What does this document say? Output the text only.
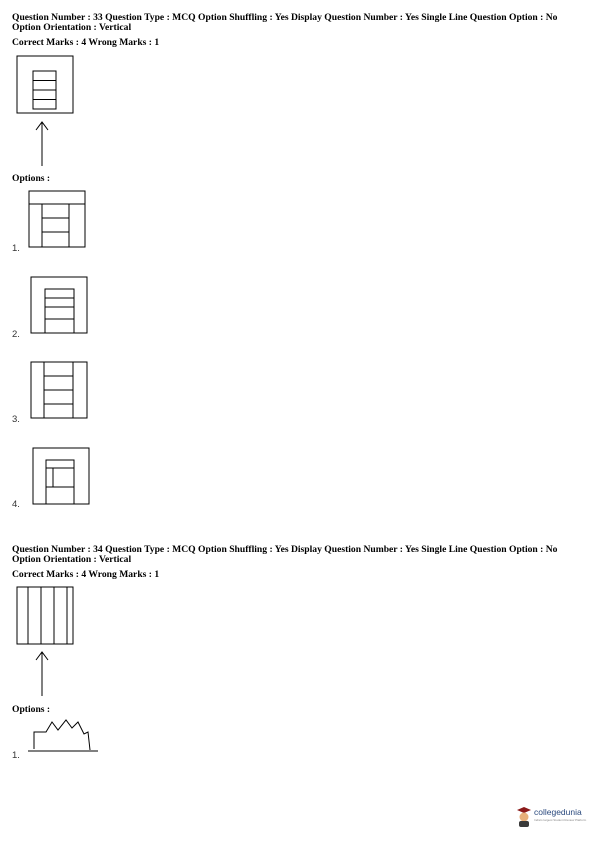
Question Number : 33 Question Type : MCQ Option Shuffling : Yes Display Question Number : Yes Single Line Question Option : No Option Orientation : Vertical
Correct Marks : 4 Wrong Marks : 1
Options :
1.
2.
3.
4.
Question Number : 34 Question Type : MCQ Option Shuffling : Yes Display Question Number : Yes Single Line Question Option : No Option Orientation : Vertical
Correct Marks : 4 Wrong Marks : 1
Options :
1.
collegedunia
India's largest Student Review Platform
